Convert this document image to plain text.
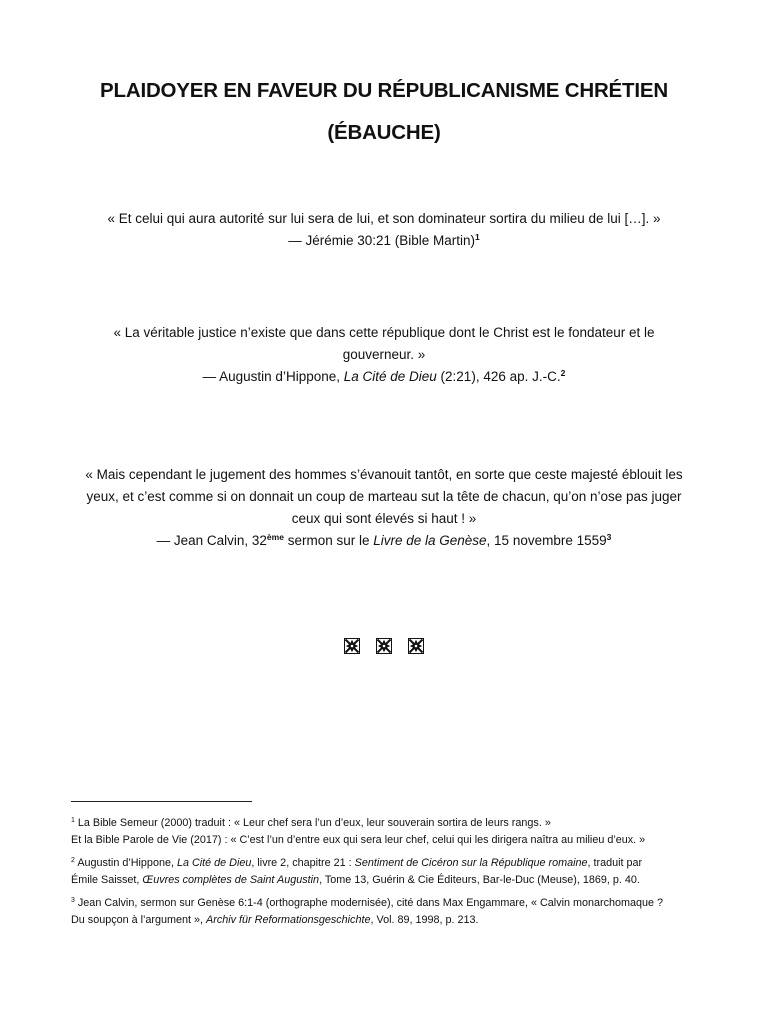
PLAIDOYER EN FAVEUR DU RÉPUBLICANISME CHRÉTIEN
(ÉBAUCHE)
« Et celui qui aura autorité sur lui sera de lui, et son dominateur sortira du milieu de lui […]. »
— Jérémie 30:21 (Bible Martin)$^1$
« La véritable justice n’existe que dans cette république dont le Christ est le fondateur et le
gouverneur. »
— Augustin d’Hippone, La Cité de Dieu (2:21), 426 ap. J.-C.$^2$
« Mais cependant le jugement des hommes s’évanouit tantôt, en sorte que ceste majesté éblouit les
yeux, et c’est comme si on donnait un coup de marteau sut la tête de chacun, qu’on n’ose pas juger
ceux qui sont élevés si haut ! »
— Jean Calvin, 32ème sermon sur le Livre de la Genèse, 15 novembre 1559$^3$
$^1$ La Bible Semeur (2000) traduit : « Leur chef sera l’un d’eux, leur souverain sortira de leurs rangs. »
Et la Bible Parole de Vie (2017) : « C’est l’un d’entre eux qui sera leur chef, celui qui les dirigera naîtra au milieu d’eux. »
$^2$ Augustin d’Hippone, La Cité de Dieu, livre 2, chapitre 21 : Sentiment de Cicéron sur la République romaine, traduit par
Émile Saisset, Œuvres complètes de Saint Augustin, Tome 13, Guérin & Cie Éditeurs, Bar-le-Duc (Meuse), 1869, p. 40.
$^3$ Jean Calvin, sermon sur Genèse 6:1-4 (orthographe modernisée), cité dans Max Engammare, « Calvin monarchomaque ?
Du soupçon à l’argument », Archiv für Reformationsgeschichte, Vol. 89, 1998, p. 213.
